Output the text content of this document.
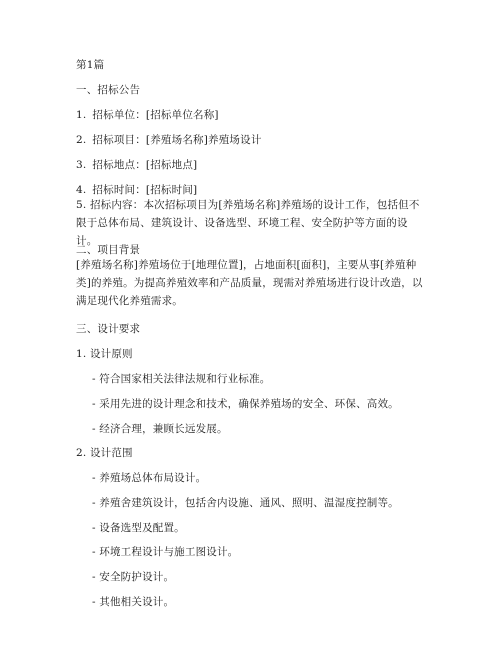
第1篇
一、招标公告
1. 招标单位：[招标单位名称]
2. 招标项目：[养殖场名称]养殖场设计
3. 招标地点：[招标地点]
4. 招标时间：[招标时间]
5. 招标内容：本次招标项目为[养殖场名称]养殖场的设计工作，包括但不限于总体布局、建筑设计、设备选型、环境工程、安全防护等方面的设计。
二、项目背景
[养殖场名称]养殖场位于[地理位置]，占地面积[面积]，主要从事[养殖种类]的养殖。为提高养殖效率和产品质量，现需对养殖场进行设计改造，以满足现代化养殖需求。
三、设计要求
1. 设计原则
- 符合国家相关法律法规和行业标准。
- 采用先进的设计理念和技术，确保养殖场的安全、环保、高效。
- 经济合理，兼顾长远发展。
2. 设计范围
- 养殖场总体布局设计。
- 养殖舍建筑设计，包括舍内设施、通风、照明、温湿度控制等。
- 设备选型及配置。
- 环境工程设计与施工图设计。
- 安全防护设计。
- 其他相关设计。
